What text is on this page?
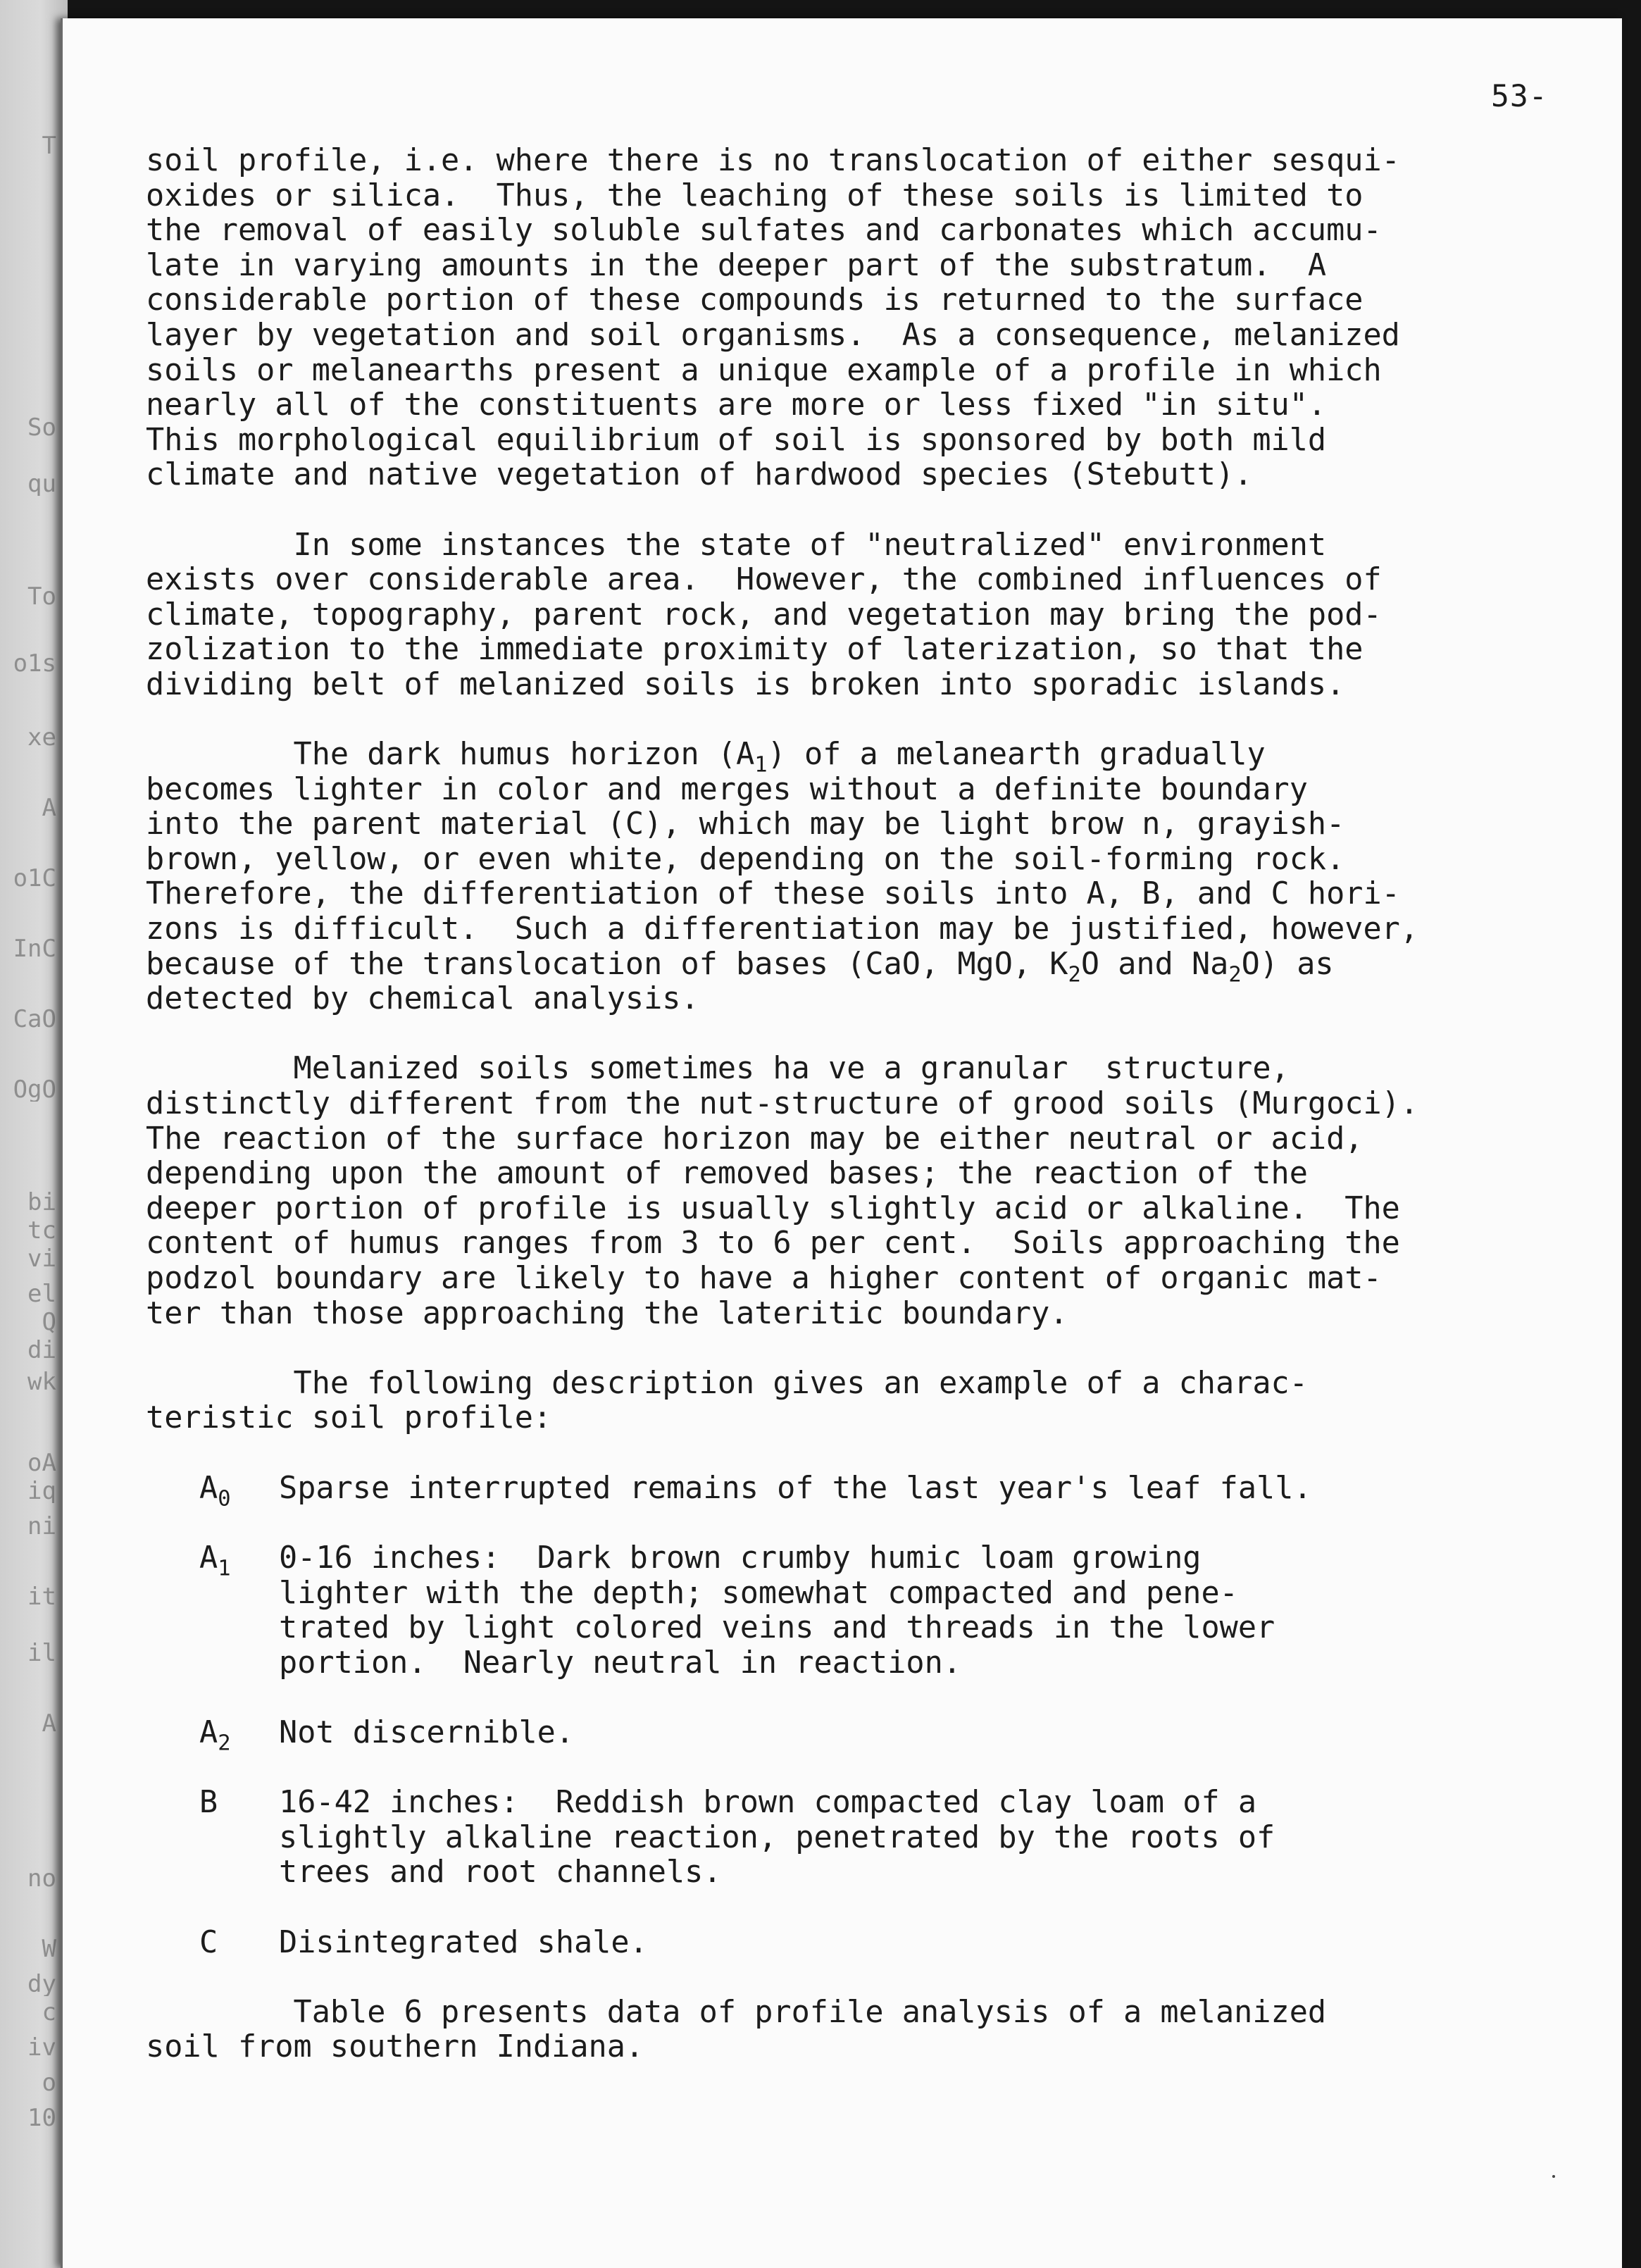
T
So
qu
To
o1s
xe
A
o1C
InC
CaO
OgO
bi
tc
vi
el
Q
di
wk
oA
iq
ni
it
il
A
no
W
dy
c
iv
o
10
53-
soil profile, i.e. where there is no translocation of either sesqui-
oxides or silica.  Thus, the leaching of these soils is limited to
the removal of easily soluble sulfates and carbonates which accumu-
late in varying amounts in the deeper part of the substratum.  A
considerable portion of these compounds is returned to the surface
layer by vegetation and soil organisms.  As a consequence, melanized
soils or melanearths present a unique example of a profile in which
nearly all of the constituents are more or less fixed "in situ".
This morphological equilibrium of soil is sponsored by both mild
climate and native vegetation of hardwood species (Stebutt).
In some instances the state of "neutralized" environment
exists over considerable area.  However, the combined influences of
climate, topography, parent rock, and vegetation may bring the pod-
zolization to the immediate proximity of laterization, so that the
dividing belt of melanized soils is broken into sporadic islands.
The dark humus horizon $(A_1)$ of a melanearth gradually
becomes lighter in color and merges without a definite boundary
into the parent material (C), which may be light brow n, grayish-
brown, yellow, or even white, depending on the soil-forming rock.
Therefore, the differentiation of these soils into A, B, and C hori-
zons is difficult.  Such a differentiation may be justified, however,
because of the translocation of bases (CaO, MgO, $K_2O$ and $Na_2O$) as
detected by chemical analysis.
Melanized soils sometimes ha ve a granular  structure,
distinctly different from the nut-structure of grood soils (Murgoci).
The reaction of the surface horizon may be either neutral or acid,
depending upon the amount of removed bases; the reaction of the
deeper portion of profile is usually slightly acid or alkaline.  The
content of humus ranges from 3 to 6 per cent.  Soils approaching the
podzol boundary are likely to have a higher content of organic mat-
ter than those approaching the lateritic boundary.
The following description gives an example of a charac-
teristic soil profile:
$A_0$ Sparse interrupted remains of the last year's leaf fall.
$A_1$ 0-16 inches:  Dark brown crumby humic loam growing
lighter with the depth; somewhat compacted and pene-
trated by light colored veins and threads in the lower
portion.  Nearly neutral in reaction.
$A_2$ Not discernible.
B 16-42 inches:  Reddish brown compacted clay loam of a
slightly alkaline reaction, penetrated by the roots of
trees and root channels.
C Disintegrated shale.
Table 6 presents data of profile analysis of a melanized
soil from southern Indiana.
